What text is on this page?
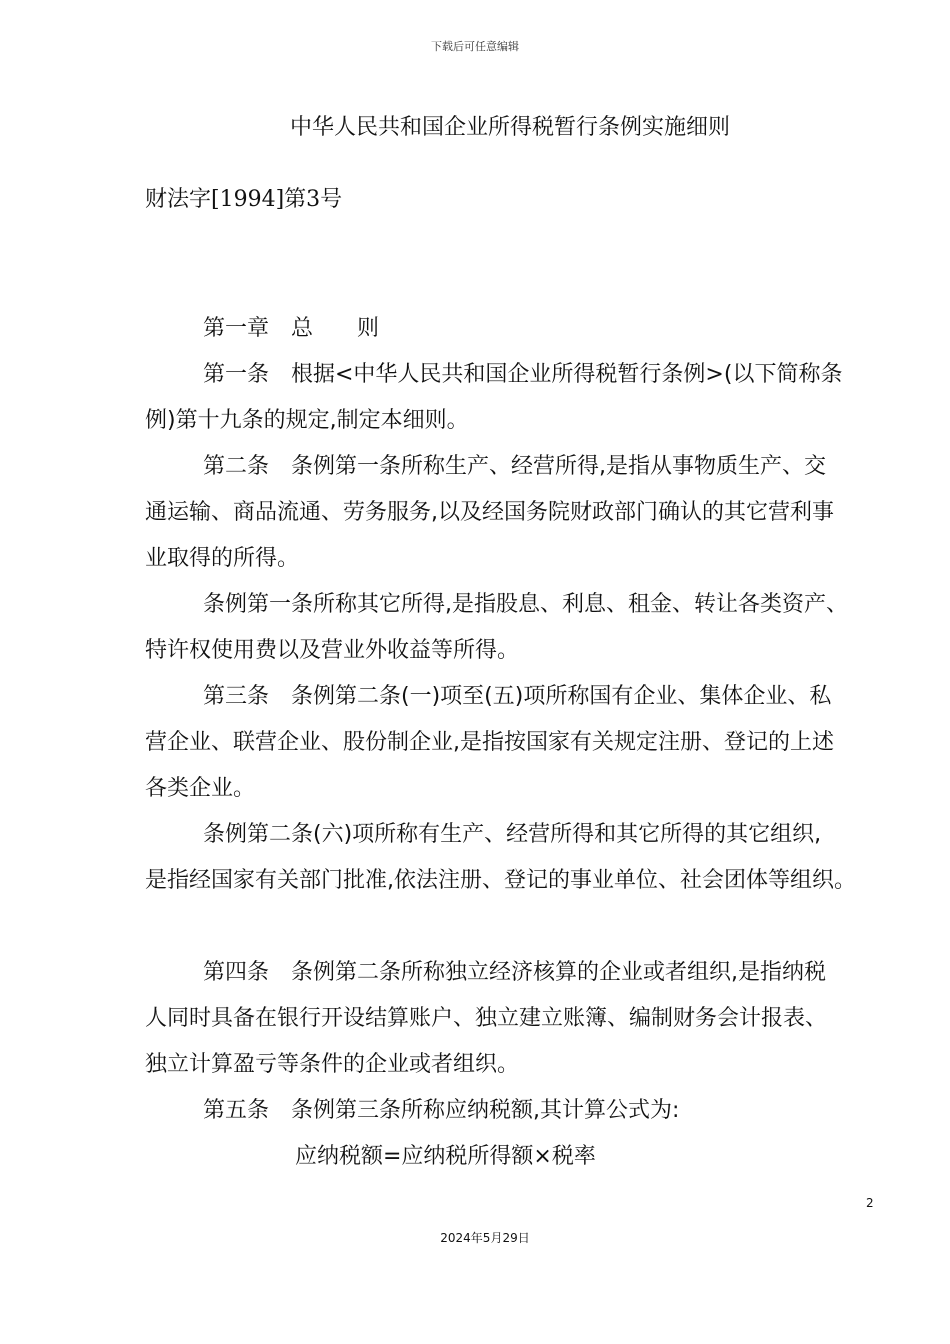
下载后可任意编辑
中华人民共和国企业所得税暂行条例实施细则
财法字[1994]第3号
第一章　总　　则
第一条　根据<中华人民共和国企业所得税暂行条例>(以下简称条
例)第十九条的规定,制定本细则。
第二条　条例第一条所称生产、经营所得,是指从事物质生产、交
通运输、商品流通、劳务服务,以及经国务院财政部门确认的其它营利事
业取得的所得。
条例第一条所称其它所得,是指股息、利息、租金、转让各类资产、
特许权使用费以及营业外收益等所得。
第三条　条例第二条(一)项至(五)项所称国有企业、集体企业、私
营企业、联营企业、股份制企业,是指按国家有关规定注册、登记的上述
各类企业。
条例第二条(六)项所称有生产、经营所得和其它所得的其它组织,
是指经国家有关部门批准,依法注册、登记的事业单位、社会团体等组织。
第四条　条例第二条所称独立经济核算的企业或者组织,是指纳税
人同时具备在银行开设结算账户、独立建立账簿、编制财务会计报表、
独立计算盈亏等条件的企业或者组织。
第五条　条例第三条所称应纳税额,其计算公式为:
应纳税额=应纳税所得额×税率
2
2024年5月29日
